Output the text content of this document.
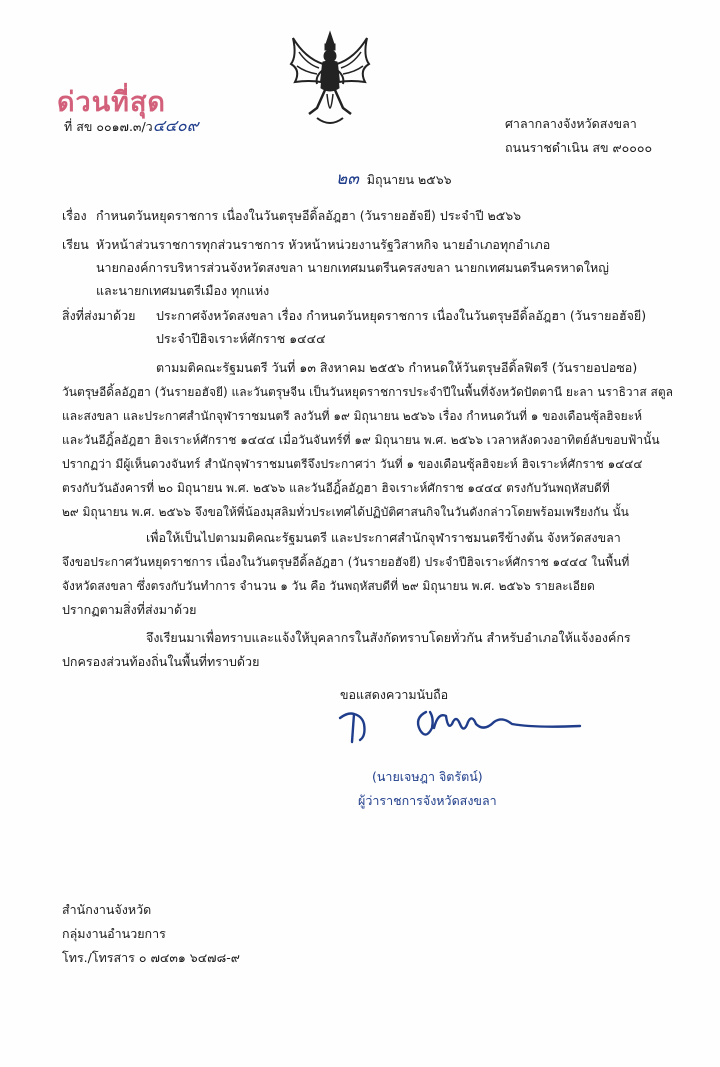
ด่วนที่สุด
ที่ สข ๐๐๑๗.๓/ว๔๔๐๙	ศาลากลางจังหวัดสงขลา
ถนนราชดำเนิน สข ๙๐๐๐๐
๒๓ มิถุนายน ๒๕๖๖
เรื่อง กำหนดวันหยุดราชการ เนื่องในวันตรุษอีดิ้ลอัฎฮา (วันรายอฮัจยี) ประจำปี ๒๕๖๖
เรียน หัวหน้าส่วนราชการทุกส่วนราชการ หัวหน้าหน่วยงานรัฐวิสาหกิจ นายอำเภอทุกอำเภอ
นายกองค์การบริหารส่วนจังหวัดสงขลา นายกเทศมนตรีนครสงขลา นายกเทศมนตรีนครหาดใหญ่
และนายกเทศมนตรีเมือง ทุกแห่ง
สิ่งที่ส่งมาด้วย ประกาศจังหวัดสงขลา เรื่อง กำหนดวันหยุดราชการ เนื่องในวันตรุษอีดิ้ลอัฎฮา (วันรายอฮัจยี)
ประจำปีฮิจเราะห์ศักราช ๑๔๔๔
ตามมติคณะรัฐมนตรี วันที่ ๑๓ สิงหาคม ๒๕๕๖ กำหนดให้วันตรุษอีดิ้ลฟิตรี (วันรายอปอซอ)
วันตรุษอีดิ้ลอัฎฮา (วันรายอฮัจยี) และวันตรุษจีน เป็นวันหยุดราชการประจำปีในพื้นที่จังหวัดปัตตานี ยะลา นราธิวาส สตูล
และสงขลา และประกาศสำนักจุฬาราชมนตรี ลงวันที่ ๑๙ มิถุนายน ๒๕๖๖ เรื่อง กำหนดวันที่ ๑ ของเดือนซุ้ลฮิจยะห์
และวันอีฎิ้ลอัฎฮา ฮิจเราะห์ศักราช ๑๔๔๔ เมื่อวันจันทร์ที่ ๑๙ มิถุนายน พ.ศ. ๒๕๖๖ เวลาหลังดวงอาทิตย์ลับขอบฟ้านั้น
ปรากฏว่า มีผู้เห็นดวงจันทร์ สำนักจุฬาราชมนตรีจึงประกาศว่า วันที่ ๑ ของเดือนซุ้ลฮิจยะห์ ฮิจเราะห์ศักราช ๑๔๔๔
ตรงกับวันอังคารที่ ๒๐ มิถุนายน พ.ศ. ๒๕๖๖ และวันอีฎิ้ลอัฎฮา ฮิจเราะห์ศักราช ๑๔๔๔ ตรงกับวันพฤหัสบดีที่
๒๙ มิถุนายน พ.ศ. ๒๕๖๖ จึงขอให้พี่น้องมุสลิมทั่วประเทศได้ปฏิบัติศาสนกิจในวันดังกล่าวโดยพร้อมเพรียงกัน นั้น
เพื่อให้เป็นไปตามมติคณะรัฐมนตรี และประกาศสำนักจุฬาราชมนตรีข้างต้น จังหวัดสงขลา
จึงขอประกาศวันหยุดราชการ เนื่องในวันตรุษอีดิ้ลอัฎฮา (วันรายอฮัจยี) ประจำปีฮิจเราะห์ศักราช ๑๔๔๔ ในพื้นที่
จังหวัดสงขลา ซึ่งตรงกับวันทำการ จำนวน ๑ วัน คือ วันพฤหัสบดีที่ ๒๙ มิถุนายน พ.ศ. ๒๕๖๖ รายละเอียด
ปรากฏตามสิ่งที่ส่งมาด้วย
จึงเรียนมาเพื่อทราบและแจ้งให้บุคลากรในสังกัดทราบโดยทั่วกัน สำหรับอำเภอให้แจ้งองค์กร
ปกครองส่วนท้องถิ่นในพื้นที่ทราบด้วย
ขอแสดงความนับถือ
(นายเจษฎา จิตรัตน์)
ผู้ว่าราชการจังหวัดสงขลา
สำนักงานจังหวัด
กลุ่มงานอำนวยการ
โทร./โทรสาร ๐ ๗๔๓๑ ๖๔๗๘-๙
